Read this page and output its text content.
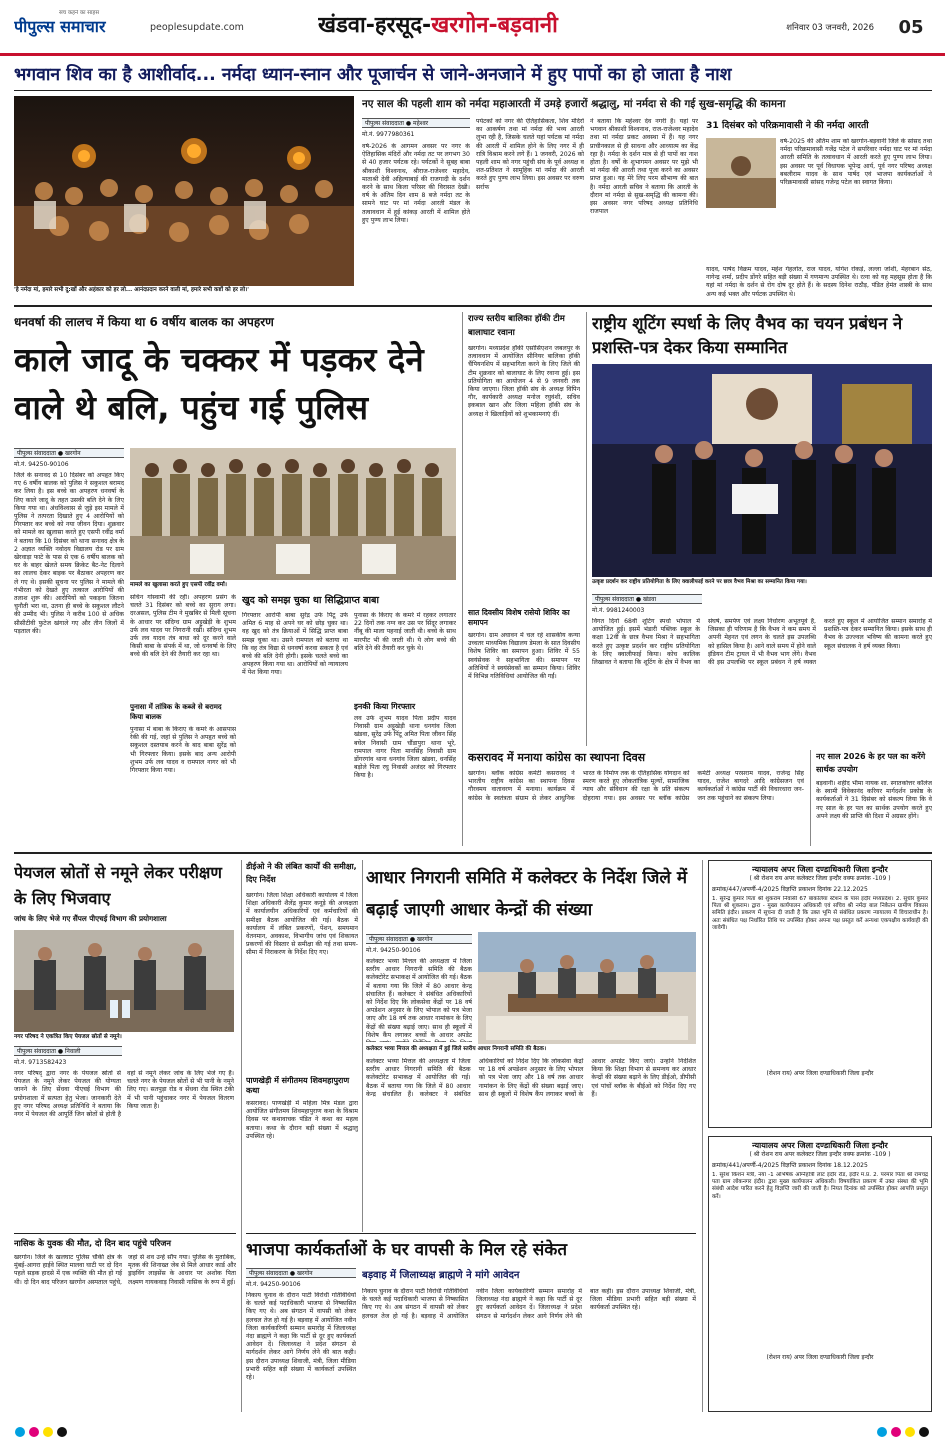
सच कहने का साहस
पीपुल्स समाचार	peoplesupdate.com	खंडवा-हरसूद-खरगोन-बड़वानी	शनिवार 03 जनवरी, 2026	05
भगवान शिव का है आशीर्वाद... नर्मदा ध्यान-स्नान और पूजार्चन से जाने-अनजाने में हुए पापों का हो जाता है नाश
'हे नर्मदा मां, हमारे सभी दु:खों और अहंकार को हर लो... आनंदप्रदान करने वाली मां, हमारे सभी कष्टों को हर लो।'
नए साल की पहली शाम को नर्मदा महाआरती में उमड़े हजारों श्रद्धालु, मां नर्मदा से की गई सुख-समृद्धि की कामना
पीपुल्स संवाददाता ● महेश्वर
मो.नं. 9977980361
वर्ष-2026 के आगमन अवसर पर नगर के ऐतिहासिक मंदिरों और नर्मदा तट पर लगभग 30 से 40 हजार पर्यटक रहे। पर्यटकों ने सुबह बाबा श्रीकाशी विश्वनाथ, श्रीराज-राजेश्वर महादेव, माताश्री देवी अहिल्याबाई की राजगादी के दर्शन करने के साथ किला परिसर की विरासत देखी। वर्ष के अंतिम दिन शाम 8 बजे नर्मदा तट के सामने घाट पर मां नर्मदा आरती मंडल के तत्वावधान में हुई कांकड़ आरती में शामिल होते हुए पुण्य लाभ लिया।
पर्यटकों को नगर की ऐतिहासिकता, शिव मंदिरों का आकर्षण तथा मां नर्मदा की भव्य आरती लुभा रही है, जिसके चलते यहां पर्यटक मां नर्मदा की आरती में शामिल होने के लिए नगर में ही रात्रि विश्राम करने लगे हैं। 1 जनवरी, 2026 को पहली शाम को नगर पहुंची संघ के पूर्व अध्यक्ष व शत-प्रतिशत ने सामूहिक मां नर्मदा की आरती करते हुए पुण्य लाभ लिया। इस अवसर पर वरुण सर्राफ
ने बताया कि महेश्वर देव नगरी है। यहां पर भगवान श्रीकाशी विश्वनाथ, राज-राजेश्वर महादेव तथा मां नर्मदा प्रकट अवस्था में हैं। यह नगर प्राचीनकाल से ही साधना और आध्यात्म का केंद्र रहा है। नर्मदा के दर्शन मात्र से ही पापों का नाश होता है। वर्षों के शुभागमन अवसर पर मुझे भी मां नर्मदा की आरती तथा पूजा करने का अवसर प्राप्त हुआ। यह मेरे लिए परम सौभाग्य की बात है। नर्मदा आरती सचिव ने बताया कि आरती के दौरान मां नर्मदा से सुख-समृद्धि की कामना की। इस अवसर नगर परिषद अध्यक्ष प्रतिनिधि राजपाल
31 दिसंबर को परिक्रमावासी ने की नर्मदा आरती
वर्ष-2025 की अंतिम शाम को खरगोन-बड़वानी जिले के सांसद तथा नर्मदा परिक्रमावासी गजेंद्र पटेल ने सपरिवार नर्मदा घाट पर मां नर्मदा आरती समिति के तत्वावधान में आरती करते हुए पुण्य लाभ लिया। इस अवसर पर पूर्व विधायक भूपेन्द्र आर्य, पूर्व नगर परिषद अध्यक्ष बबलीराम यादव के साथ पार्षद एवं भाजपा कार्यकर्ताओं ने परिक्रमावासी सांसद गजेन्द्र पटेल का स्वागत किया।
यादव, पार्षद विक्रम यादव, महेश गेहलोत, राज यादव, योगेश रोकड़े, लल्ला जोशी, मेहरबान सेठ, नागेन्द्र शर्मा, प्रदीप डोंगरे सहित बड़ी संख्या में गणमान्य उपस्थित थे। रत्ना को यह महसूस होता है कि यहां मां नर्मदा के दर्शन से रोग दोष दूर होते हैं। के सदस्य दिनेश राठौड़, पंडित हेमंत शास्त्री के साथ अन्य कई भक्त और पर्यटक उपस्थित थे।
धनवर्षा की लालच में किया था 6 वर्षीय बालक का अपहरण
काले जादू के चक्कर में पड़कर देने वाले थे बलि, पहुंच गई पुलिस
पीपुल्स संवाददाता ● खरगोन
मो.नं. 94250-90106
जिले के सनावद से 10 दिसंबर को अपहृत किए गए 6 वर्षीय बालक को पुलिस ने सकुशल बरामद कर लिया है। इस बच्चे का अपहरण धनवर्षा के लिए काले जादू के तहत उसकी बलि देने के लिए किया गया था। अंधविश्वास से जुड़े इस मामले में पुलिस ने तत्परता दिखाते हुए 4 आरोपियों को गिरफ्तार कर बच्चे को नया जीवन दिया। शुक्रवार को मामले का खुलासा करते हुए एसपी रवींद्र वर्मा ने बताया कि 10 दिसंबर को थाना सनावद क्षेत्र के 2 अज्ञात व्यक्ति नवोदय विद्यालय रोड पर ग्राम खेरवाड़ा फाटे के पास से एक 6 वर्षीय बालक को घर के बाहर खेलते समय क्रिकेट बैट-नेट दिलाने का लालच देकर बाइक पर बैठाकर अपहरण कर ले गए थे। इसकी सूचना पर पुलिस ने मामले की गंभीरता को देखते हुए तत्काल आरोपियों की तलाश शुरू की। आरोपियों को पकड़ना जितना चुनौती भरा था, उतना ही बच्चे के सकुशल लौटने की उम्मीद भी। पुलिस ने करीब 100 से अधिक सीसीटीवी फुटेज खंगाले गए और तीन जिलों में पड़ताल की।
मामले का खुलासा करते हुए एसपी रवींद्र वर्मा।
सचिन गोस्वामी की रही। अपहरण प्रसंग के चलते 31 दिसंबर को बच्चे का सुराग लगा। दरअसल, पुलिस टीम ने मुखबिर से मिली सूचना के आधार पर संदिग्ध ग्राम अट्टुखेड़ी के शुभम उर्फ लव यादव पर निगरानी रखी। संदिग्ध शुभम उर्फ लव यादव तंत्र बाधा को दूर करने वाले किसी बाबा के संपर्क में था, जो धनवर्षा के लिए बच्चे की बलि देने की तैयारी कर रहा था।
पुनासा में तांत्रिक के कब्जे से बरामद किया बालक
पुनासा में बाबा के किराए के कमरे के आसपास रेकी की गई, जहां से पुलिस ने अपहृत बच्चे को सकुशल दस्तयाब करने के बाद बाबा सुरेंद्र को भी गिरफ्तार किया। इसके बाद अन्य आरोपी शुभम उर्फ लव यादव व रामपाल नागर को भी गिरफ्तार किया गया।
खुद को समझ चुका था सिद्धिप्राप्त बाबा
गिरफ्तार आरोपी बाबा सुरेंद्र उर्फ पिंटू उर्फ अमित 6 माह से अपने घर को छोड़ चुका था। वह खुद को तंत्र क्रियाओं में सिद्धि प्राप्त बाबा समझ चुका था। उसने रामपाल को बताया था कि वह तंत्र विद्या से धनवर्षा करवा सकता है एवं बच्चे की बलि देनी होगी। इसके चलते बच्चे का अपहरण किया गया था। आरोपियों को न्यायालय में पेश किया गया।
पुनासा के किराए के कमरे में रहकर लगातार 22 दिनों तक नग्न कर उस पर सिंदूर लगाकर नींबू की माला पहनाई जाती थी। बच्चे के साथ मारपीट भी की जाती थी। ये लोग बच्चे की बलि देने की तैयारी कर चुके थे।
इनकी किया गिरफ्तार
लव उर्फ शुभम यादव पिता प्रदीप यादव निवासी ग्राम अट्टूखेड़ी थाना धनगांव जिला खंडवा, सुरेंद्र उर्फ पिंटू अमित पिता जीवन सिंह बघेल निवासी ग्राम चौंडापुरा थाना भूरे, रामपाल नागर पिता मानसिंह निवासी ग्राम डोंगरगांव थाना धनगांव जिला खंडवा, धनसिंह बड़ोले पिता रघु निवासी अजंदर को गिरफ्तार किया है।
राज्य स्तरीय बालिका हॉकी टीम बालाघाट रवाना
खरगोन। मध्यप्रदेश हॉकी एसोसिएशन जबलपुर के तत्वावधान में आयोजित सीनियर बालिका हॉकी चैंपियनशिप में सहभागिता करने के लिए जिले की टीम शुक्रवार को बालाघाट के लिए रवाना हुई। इस प्रतियोगिता का आयोजन 4 से 9 जनवरी तक किया जाएगा। जिला हॉकी संघ के अध्यक्ष विपिन गौर, कार्यकारी अध्यक्ष मनोज रघुवंशी, सचिव इकबाल खान और जिला महिला हॉकी संघ के अध्यक्ष ने खिलाड़ियों को शुभकामनाएं दीं।
सात दिवसीय विशेष रासेयो शिविर का समापन
खरगोन। ग्राम अघावन में चल रहे शासकीय कन्या उच्चतर माध्यमिक विद्यालय डेमला के सात दिवसीय विशेष शिविर का समापन हुआ। शिविर में 55 स्वयंसेवक ने सहभागिता की। समापन पर अतिथियों ने स्वयंसेवकों का सम्मान किया। शिविर में विभिन्न गतिविधियां आयोजित की गईं।
राष्ट्रीय शूटिंग स्पर्धा के लिए वैभव का चयन प्रबंधन ने प्रशस्ति-पत्र देकर किया सम्मानित
उत्कृष्ट प्रदर्शन कर राष्ट्रीय प्रतियोगिता के लिए क्वालीफाई करने पर छात्र वैभव मिश्रा का सम्मानित किया गया।
पीपुल्स संवाददाता ● खंडवा
मो.नं. 9981240003
विगत दिनों 68वीं शूटिंग स्पर्धा भोपाल में आयोजित हुई। इसमें भंडारी पब्लिक स्कूल के कक्षा 12वीं के छात्र वैभव मिश्रा ने सहभागिता करते हुए उत्कृष्ट प्रदर्शन कर राष्ट्रीय प्रतियोगिता के लिए क्वालीफाई किया। कोच कालिक लिखावत ने बताया कि शूटिंग के क्षेत्र में वैभव का संघर्ष, समर्पण एवं लक्ष्य निर्धारण अभूतपूर्व है, जिसका ही परिणाम है कि वैभव ने कम समय में अपनी मेहनत एवं लगन के चलते इस उपलब्धि को हासिल किया है। आने वाले समय में होने वाले इंडियन टीम ट्रायल में भी वैभव भाग लेंगे। वैभव की इस उपलब्धि पर स्कूल प्रबंधन ने हर्ष व्यक्त करते हुए स्कूल में आयोजित सम्मान समारोह में प्रशस्ति-पत्र देकर सम्मानित किया। इसके साथ ही वैभव के उज्ज्वल भविष्य की कामना करते हुए स्कूल संचालक ने हर्ष व्यक्त किया।
कसरावद में मनाया कांग्रेस का स्थापना दिवस
खरगोन। ब्लॉक कांग्रेस कमेटी कसरावद ने भारतीय राष्ट्रीय कांग्रेस का स्थापना दिवस गौरवमय वातावरण में मनाया। कार्यक्रम में कांग्रेस के स्वतंत्रता संग्राम से लेकर आधुनिक भारत के निर्माण तक के ऐतिहासिक योगदान को स्मरण करते हुए लोकतांत्रिक मूल्यों, सामाजिक न्याय और संविधान की रक्षा के प्रति संकल्प दोहराया गया। इस अवसर पर ब्लॉक कांग्रेस कमेटी अध्यक्ष परसराम यादव, राजेन्द्र सिंह यादव, राजेश बागदरे आदि कांग्रेसजन एवं कार्यकर्ताओं ने कांग्रेस पार्टी की विचारधारा जन-जन तक पहुंचाने का संकल्प लिया।
नए साल 2026 के हर पल का करेंगे सार्थक उपयोग
बड़वानी। शहीद भीमा नायक शा. स्नातकोत्तर कॉलेज के स्वामी विवेकानंद करियर मार्गदर्शन प्रकोष्ठ के कार्यकर्ताओं ने 31 दिसंबर को संकल्प लिया कि वे नए साल के हर पल का सार्थक उपयोग करते हुए अपने लक्ष्य की प्राप्ति की दिशा में अग्रसर होंगे।
पेयजल स्रोतों से नमूने लेकर परीक्षण के लिए भिजवाए
जांच के लिए भेजे गए सैंपल पीएचई विभाग की प्रयोगशाला
नगर परिषद ने एकत्रित किए पेयजल स्रोतों से नमूने।
पीपुल्स संवाददाता ● निवाली
मो.नं. 9713582423
नगर परिषद् द्वारा नगर के पेयजल स्रोतों से पेयजल के नमूने लेकर पेयजल की योग्यता जानने के लिए सेंधवा पीएचई विभाग की प्रयोगशाला में सत्यता हेतु भेजा। जानकारी देते हुए नगर परिषद अध्यक्ष प्रतिनिधि ने बताया कि नगर में पेयजल की आपूर्ति जिन स्रोतों से होती है वहां से नमूने लेकर जांच के लिए भेजे गए हैं। चलते नगर के पेयजल स्रोतों से भी पानी के नमूने लिए गए। सतपुड़ा रोड व सेंधवा रोड स्थित टंकी में भी पानी पहुंचाकर नगर में पेयजल वितरण किया जाता है।
नासिक के युवक की मौत, दो दिन बाद पहुंचे परिजन
खरगोन। जिले के खलघाट पुलिस चौकी क्षेत्र के मुंबई-आगरा हाईवे स्थित मालवा घाटी पर दो दिन पहले सड़क हादसे में एक व्यक्ति की मौत हो गई थी। दो दिन बाद परिजन खरगोन अस्पताल पहुंचे, जहां से शव उन्हें सौंप गया। पुलिस के मुताबिक, मृतक की शिनाख्त जेब से मिले आधार कार्ड और ड्राइविंग लाइसेंस के आधार पर अशोक पिता लक्ष्मण गायकवाड़ निवासी नासिक के रूप में हुई।
डीईओ ने की लंबित कार्यों की समीक्षा, दिए निर्देश
खरगोन। जिला शिक्षा अधिकारी कार्यालय में जिला शिक्षा अधिकारी शैलेंद्र कुमार कनूड़े की अध्यक्षता में कार्यालयीन अधिकारियों एवं कर्मचारियों की समीक्षा बैठक आयोजित की गई। बैठक में कार्यालय में लंबित प्रकरणों, पेंशन, समयमान वेतनमान, अवकाश, विभागीय जांच एवं शिकायत प्रकरणों की विस्तार से समीक्षा की गई तथा समय-सीमा में निराकरण के निर्देश दिए गए।
पाणखेड़ी में संगीतमय शिवमहापुराण कथा
कसरावद। पाणखेड़ी में महिला मित्र मंडल द्वारा आयोजित संगीतमय शिवमहापुराण कथा के विश्राम दिवस पर कथावाचक पंडित ने कथा का महत्व बताया। कथा के दौरान बड़ी संख्या में श्रद्धालु उपस्थित रहे।
आधार निगरानी समिति में कलेक्टर के निर्देश जिले में बढ़ाई जाएगी आधार केन्द्रों की संख्या
पीपुल्स संवाददाता ● खरगोन
मो.नं. 94250-90106
कलेक्टर भव्या मित्तल की अध्यक्षता में हुई जिले स्तरीय आधार निगरानी समिति की बैठक।
कलेक्टर भव्या मित्तल की अध्यक्षता में जिला स्तरीय आधार निगरानी समिति की बैठक कलेक्टोरेट सभाकक्ष में आयोजित की गई। बैठक में बताया गया कि जिले में 80 आधार केन्द्र संचालित हैं। कलेक्टर ने संबंधित अधिकारियों को निर्देश दिए कि लोकसेवा केंद्रों पर 18 वर्ष अपडेशन अनुसार के लिए भोपाल को पत्र भेजा जाए और 18 वर्ष तक आधार नामांकन के लिए केंद्रों की संख्या बढ़ाई जाए। साथ ही स्कूलों में विशेष कैंप लगाकर बच्चों के आधार अपडेट
कलेक्टर भव्या मित्तल की अध्यक्षता में जिला स्तरीय आधार निगरानी समिति की बैठक कलेक्टोरेट सभाकक्ष में आयोजित की गई। बैठक में बताया गया कि जिले में 80 आधार केन्द्र संचालित हैं। कलेक्टर ने संबंधित अधिकारियों को निर्देश दिए कि लोकसेवा केंद्रों पर 18 वर्ष अपडेशन अनुसार के लिए भोपाल को पत्र भेजा जाए और 18 वर्ष तक आधार नामांकन के लिए केंद्रों की संख्या बढ़ाई जाए। साथ ही स्कूलों में विशेष कैंप लगाकर बच्चों के आधार अपडेट किए जाएं। उन्होंने निर्देशित किया कि शिक्षा विभाग से समन्वय कर आधार केन्द्रों की संख्या बढ़ाने के लिए डीईओ, डीपीसी एवं पांचों ब्लॉक के बीईओ को निर्देश दिए गए हैं।
भाजपा कार्यकर्ताओं के घर वापसी के मिल रहे संकेत
पीपुल्स संवाददाता ● खरगोन
मो.नं. 94250-90106
बड़वाह में जिलाध्यक्ष ब्राह्मणे ने मांगे आवेदन
निकाय चुनाव के दौरान पार्टी विरोधी गतिविधियों के चलते कई पदाधिकारी भाजपा से निष्कासित किए गए थे। अब संगठन में वापसी को लेकर हलचल तेज हो गई है। बड़वाह में आयोजित नवीन जिला कार्यकारिणी सम्मान समारोह में जिलाध्यक्ष नंदा ब्राह्मणे ने कहा कि पार्टी से दूर हुए कार्यकर्ता आवेदन दें। जिलाध्यक्ष ने प्रदेश संगठन से मार्गदर्शन लेकर आगे निर्णय लेने की बात कही। इस दौरान उपाध्यक्ष शिवाजी, मंत्री, जिला मीडिया प्रभारी सहित बड़ी संख्या में कार्यकर्ता उपस्थित रहे।
निकाय चुनाव के दौरान पार्टी विरोधी गतिविधियों के चलते कई पदाधिकारी भाजपा से निष्कासित किए गए थे। अब संगठन में वापसी को लेकर हलचल तेज हो गई है। बड़वाह में आयोजित नवीन जिला कार्यकारिणी सम्मान समारोह में जिलाध्यक्ष नंदा ब्राह्मणे ने कहा कि पार्टी से दूर हुए कार्यकर्ता आवेदन दें। जिलाध्यक्ष ने प्रदेश संगठन से मार्गदर्शन लेकर आगे निर्णय लेने की बात कही। इस दौरान उपाध्यक्ष शिवाजी, मंत्री, जिला मीडिया प्रभारी सहित बड़ी संख्या में कार्यकर्ता उपस्थित रहे।
न्यायालय अपर जिला दण्डाधिकारी जिला इन्दौर
( श्री रोशन राय अपर कलेक्टर जिला इन्दौर वक्फ क्रमांक -109 )
क्रमांक/447/अपर्णी-4/2025 विज्ञप्ति प्रकाशन दिनांक 22.12.2025
1. सुरेन्द्र कुमार पिता श्री शुकराम निवासी 67 बाकलिया स्टेशन के पास इंदौर मध्यप्रदेश। 2. सुधीर कुमार पिता श्री शुकराम। द्वारा - मुख्य कार्यपालन अधिकारी एवं सचिव श्री नर्मदा बाल निकेतन ग्रामीण विकास समिति इंदौर। प्रकरण में सूचना दी जाती है कि उक्त भूमि से संबंधित प्रकरण न्यायालय में विचाराधीन है। अतः संबंधित पक्ष निर्धारित तिथि पर उपस्थित होकर अपना पक्ष प्रस्तुत करें अन्यथा एकपक्षीय कार्यवाही की जावेगी।
(रोशन राय) अपर जिला दण्डाधिकारी जिला इन्दौर
न्यायालय अपर जिला दण्डाधिकारी जिला इन्दौर
( श्री रोशन राय अपर कलेक्टर जिला इन्दौर वक्फ क्रमांक -109 )
क्रमांक/441/अपर्णी-4/2025 विज्ञप्ति प्रकाशन दिनांक 18.12.2025
1. सुरेश किशन मंत्री, नया -1 अभिषेक अग्निहोत्री लाट इंदौर रोड, इंदौर म.प्र. 2. परमार पिता श्री रामचंद्र पता ग्राम लोकनगर इंदौर। द्वारा मुख्य कार्यपालन अधिकारी। विषयांकित प्रकरण में उक्त संस्था की भूमि संबंधी आदेश पारित करने हेतु विज्ञप्ति जारी की जाती है। नियत दिनांक को उपस्थित होकर आपत्ति प्रस्तुत करें।
(रोशन राय) अपर जिला दण्डाधिकारी जिला इन्दौर
